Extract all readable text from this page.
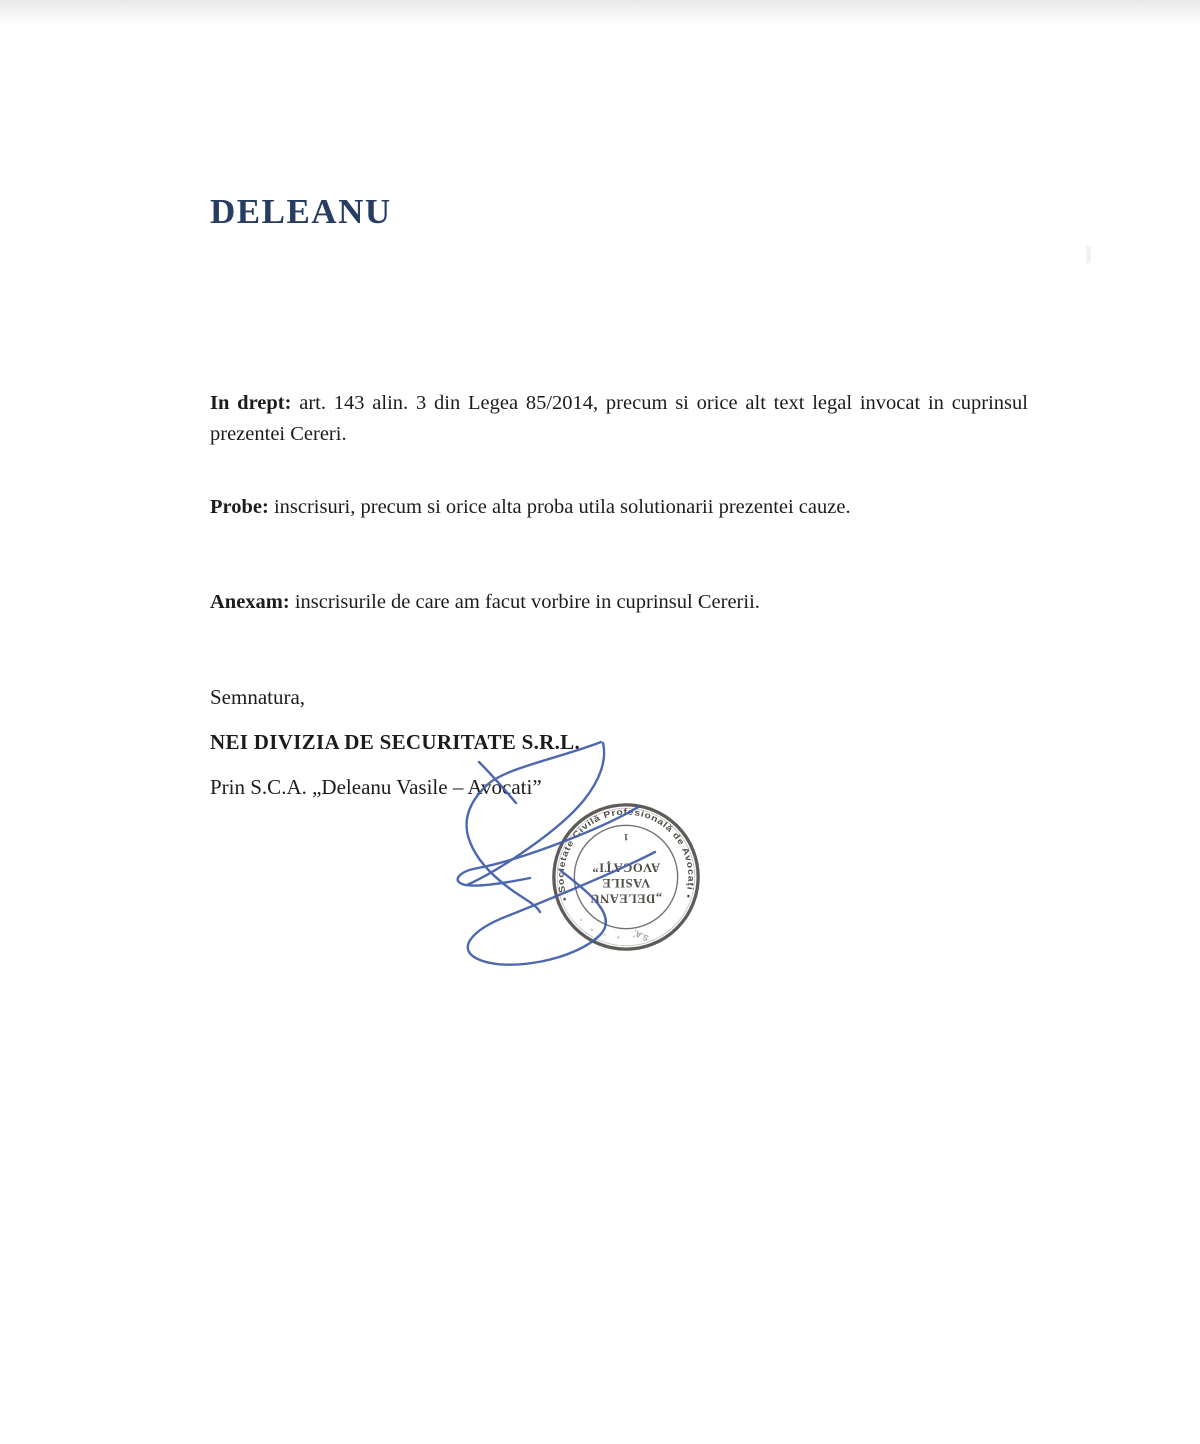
DELEANU

In drept: art. 143 alin. 3 din Legea 85/2014, precum si orice alt text legal invocat in cuprinsul prezentei Cereri.

Probe: inscrisuri, precum si orice alta proba utila solutionarii prezentei cauze.

Anexam: inscrisurile de care am facut vorbire in cuprinsul Cererii.

Semnatura,

NEI DIVIZIA DE SECURITATE S.R.L.

Prin S.C.A. „Deleanu Vasile – Avocati”

• Societate Civilă Profesională de Avocaţi •
„DELEANU
VASILE
AVOCAŢI”
1
S.A.
